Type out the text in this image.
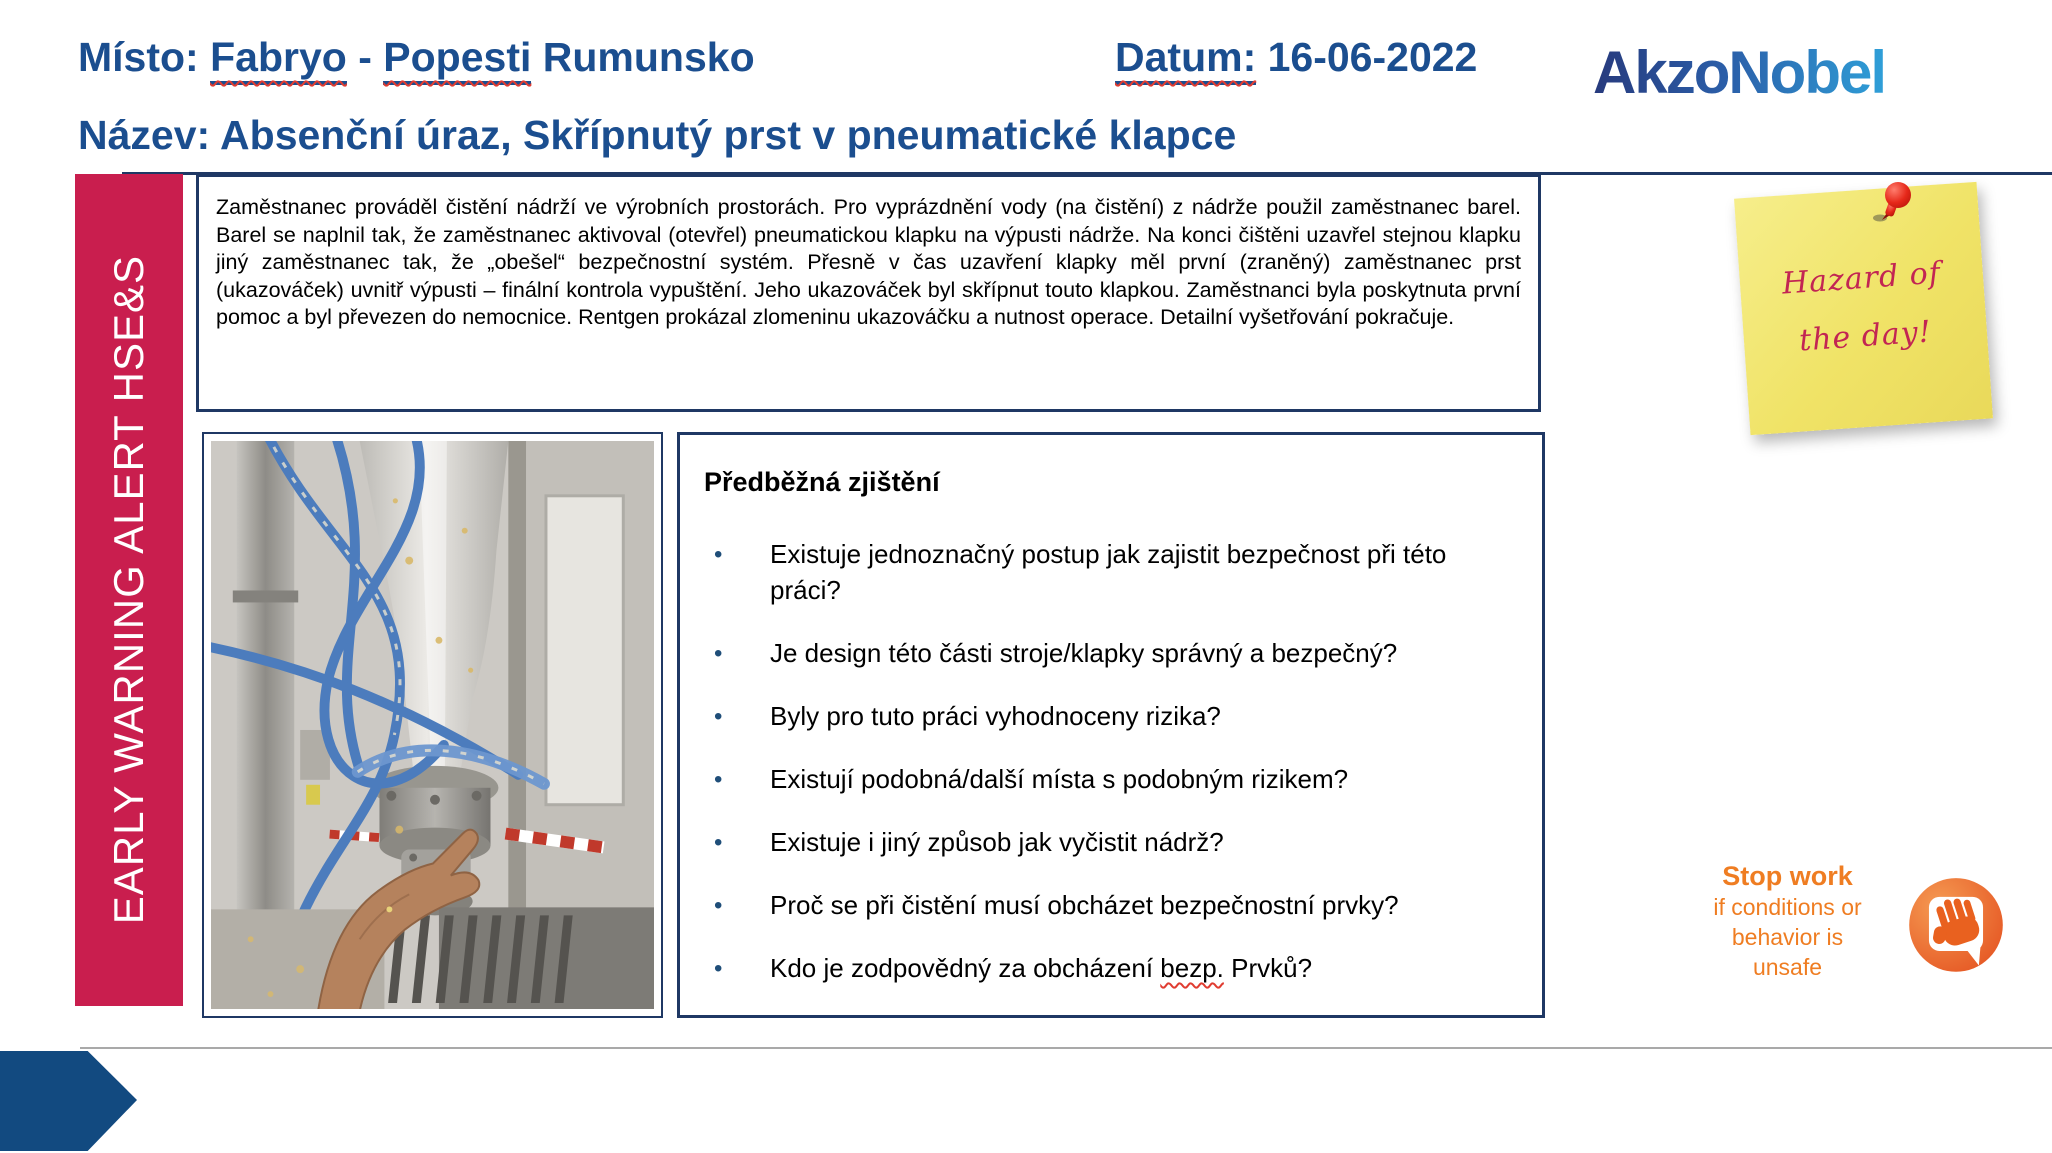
Místo: Fabryo - Popesti Rumunsko	Datum: 16-06-2022 AkzoNobel
Název: Absenční úraz, Skřípnutý prst v pneumatické klapce
EARLY WARNING ALERT HSE&S

Zaměstnanec prováděl čistění nádrží ve výrobních prostorách. Pro vyprázdnění vody (na čistění) z nádrže použil zaměstnanec barel. Barel se naplnil tak, že zaměstnanec aktivoval (otevřel) pneumatickou klapku na výpusti nádrže. Na konci čištěni uzavřel stejnou klapku jiný zaměstnanec tak, že „obešel“ bezpečnostní systém. Přesně v čas uzavření klapky měl první (zraněný) zaměstnanec prst (ukazováček) uvnitř výpusti – finální kontrola vypuštění. Jeho ukazováček byl skřípnut touto klapkou. Zaměstnanci byla poskytnuta první pomoc a byl převezen do nemocnice. Rentgen prokázal zlomeninu ukazováčku a nutnost operace. Detailní vyšetřování pokračuje.

Předběžná zjištění
• Existuje jednoznačný postup jak zajistit bezpečnost při této práci?
• Je design této části stroje/klapky správný a bezpečný?
• Byly pro tuto práci vyhodnoceny rizika?
• Existují podobná/další místa s podobným rizikem?
• Existuje i jiný způsob jak vyčistit nádrž?
• Proč se při čistění musí obcházet bezpečnostní prvky?
• Kdo je zodpovědný za obcházení bezp. Prvků?
Hazard of
the day!
Stop work
if conditions or
behavior is
unsafe
